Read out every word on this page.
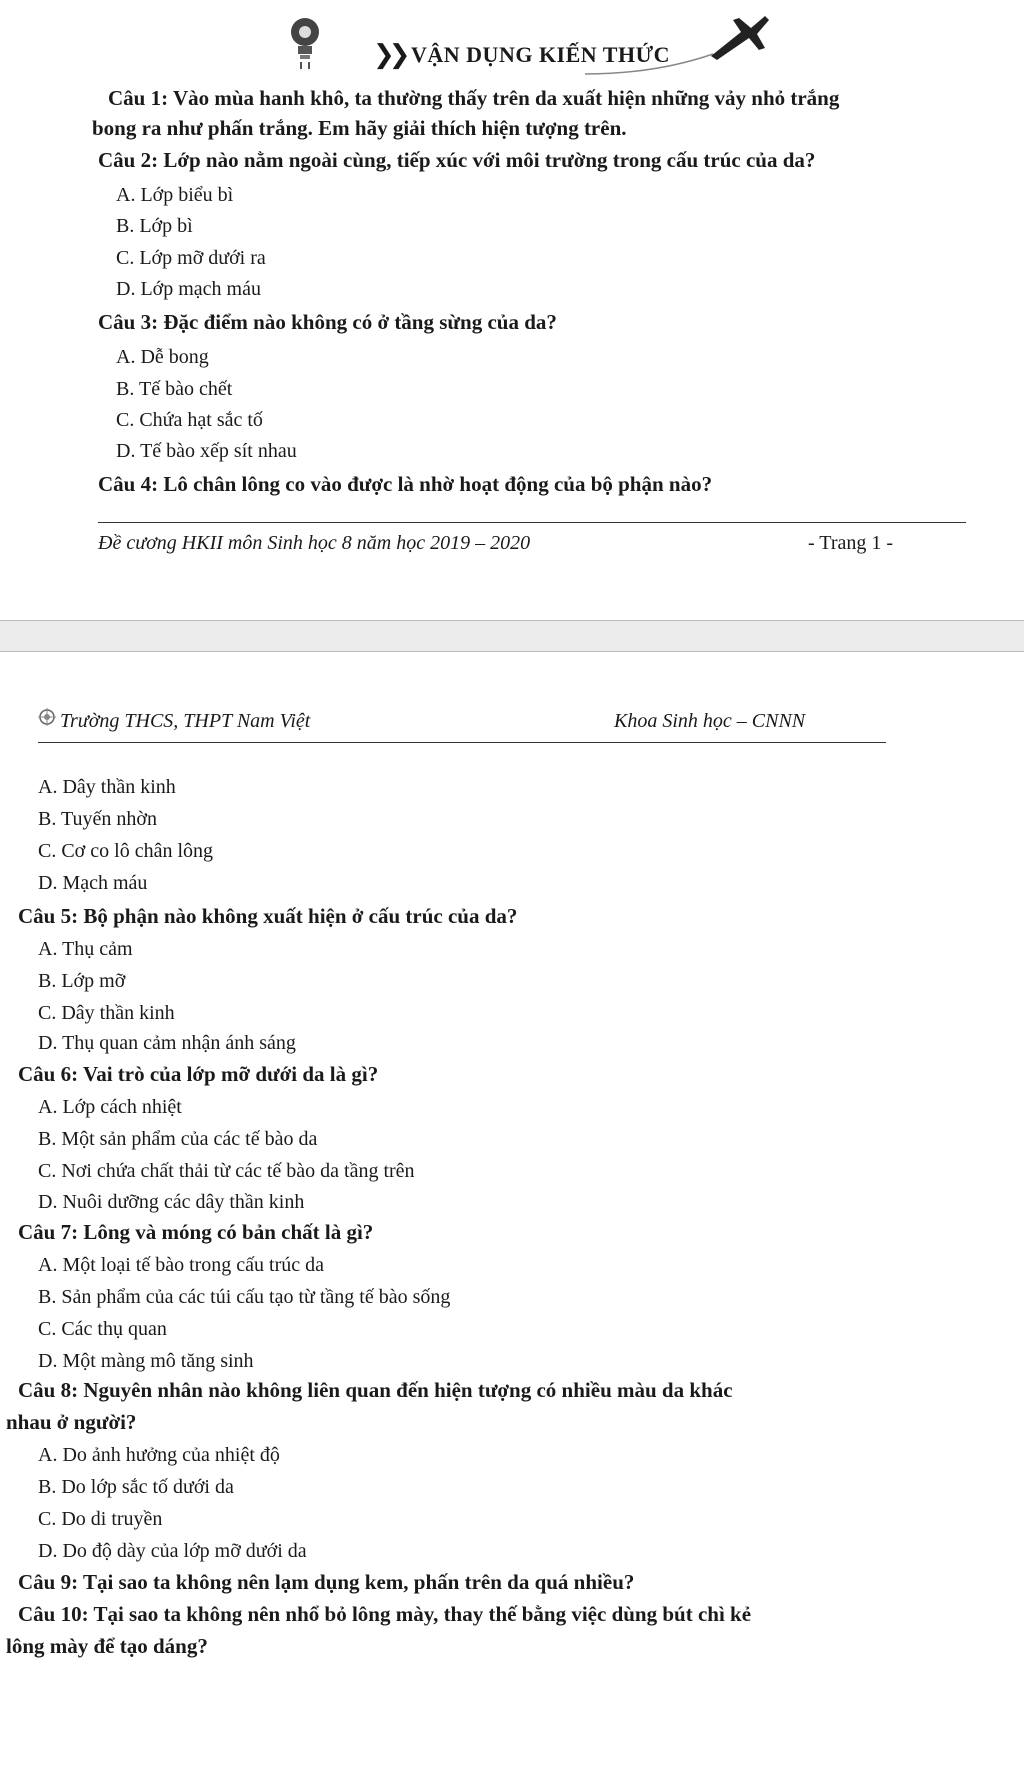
❯❯ VẬN DỤNG KIẾN THỨC
Câu 1: Vào mùa hanh khô, ta thường thấy trên da xuất hiện những vảy nhỏ trắng
bong ra như phấn trắng. Em hãy giải thích hiện tượng trên.
Câu 2: Lớp nào nằm ngoài cùng, tiếp xúc với môi trường trong cấu trúc của da?
A. Lớp biểu bì
B. Lớp bì
C. Lớp mỡ dưới ra
D. Lớp mạch máu
Câu 3: Đặc điểm nào không có ở tầng sừng của da?
A. Dễ bong
B. Tế bào chết
C. Chứa hạt sắc tố
D. Tế bào xếp sít nhau
Câu 4: Lô chân lông co vào được là nhờ hoạt động của bộ phận nào?
Đề cương HKII môn Sinh học 8 năm học 2019 – 2020	- Trang 1 -
Trường THCS, THPT Nam Việt	Khoa Sinh học – CNNN
A. Dây thần kinh
B. Tuyến nhờn
C. Cơ co lô chân lông
D. Mạch máu
Câu 5: Bộ phận nào không xuất hiện ở cấu trúc của da?
A. Thụ cảm
B. Lớp mỡ
C. Dây thần kinh
D. Thụ quan cảm nhận ánh sáng
Câu 6: Vai trò của lớp mỡ dưới da là gì?
A. Lớp cách nhiệt
B. Một sản phẩm của các tế bào da
C. Nơi chứa chất thải từ các tế bào da tầng trên
D. Nuôi dưỡng các dây thần kinh
Câu 7: Lông và móng có bản chất là gì?
A. Một loại tế bào trong cấu trúc da
B. Sản phẩm của các túi cấu tạo từ tầng tế bào sống
C. Các thụ quan
D. Một màng mô tăng sinh
Câu 8: Nguyên nhân nào không liên quan đến hiện tượng có nhiều màu da khác
nhau ở người?
A. Do ảnh hưởng của nhiệt độ
B. Do lớp sắc tố dưới da
C. Do di truyền
D. Do độ dày của lớp mỡ dưới da
Câu 9: Tại sao ta không nên lạm dụng kem, phấn trên da quá nhiều?
Câu 10: Tại sao ta không nên nhổ bỏ lông mày, thay thế bằng việc dùng bút chì kẻ
lông mày để tạo dáng?
